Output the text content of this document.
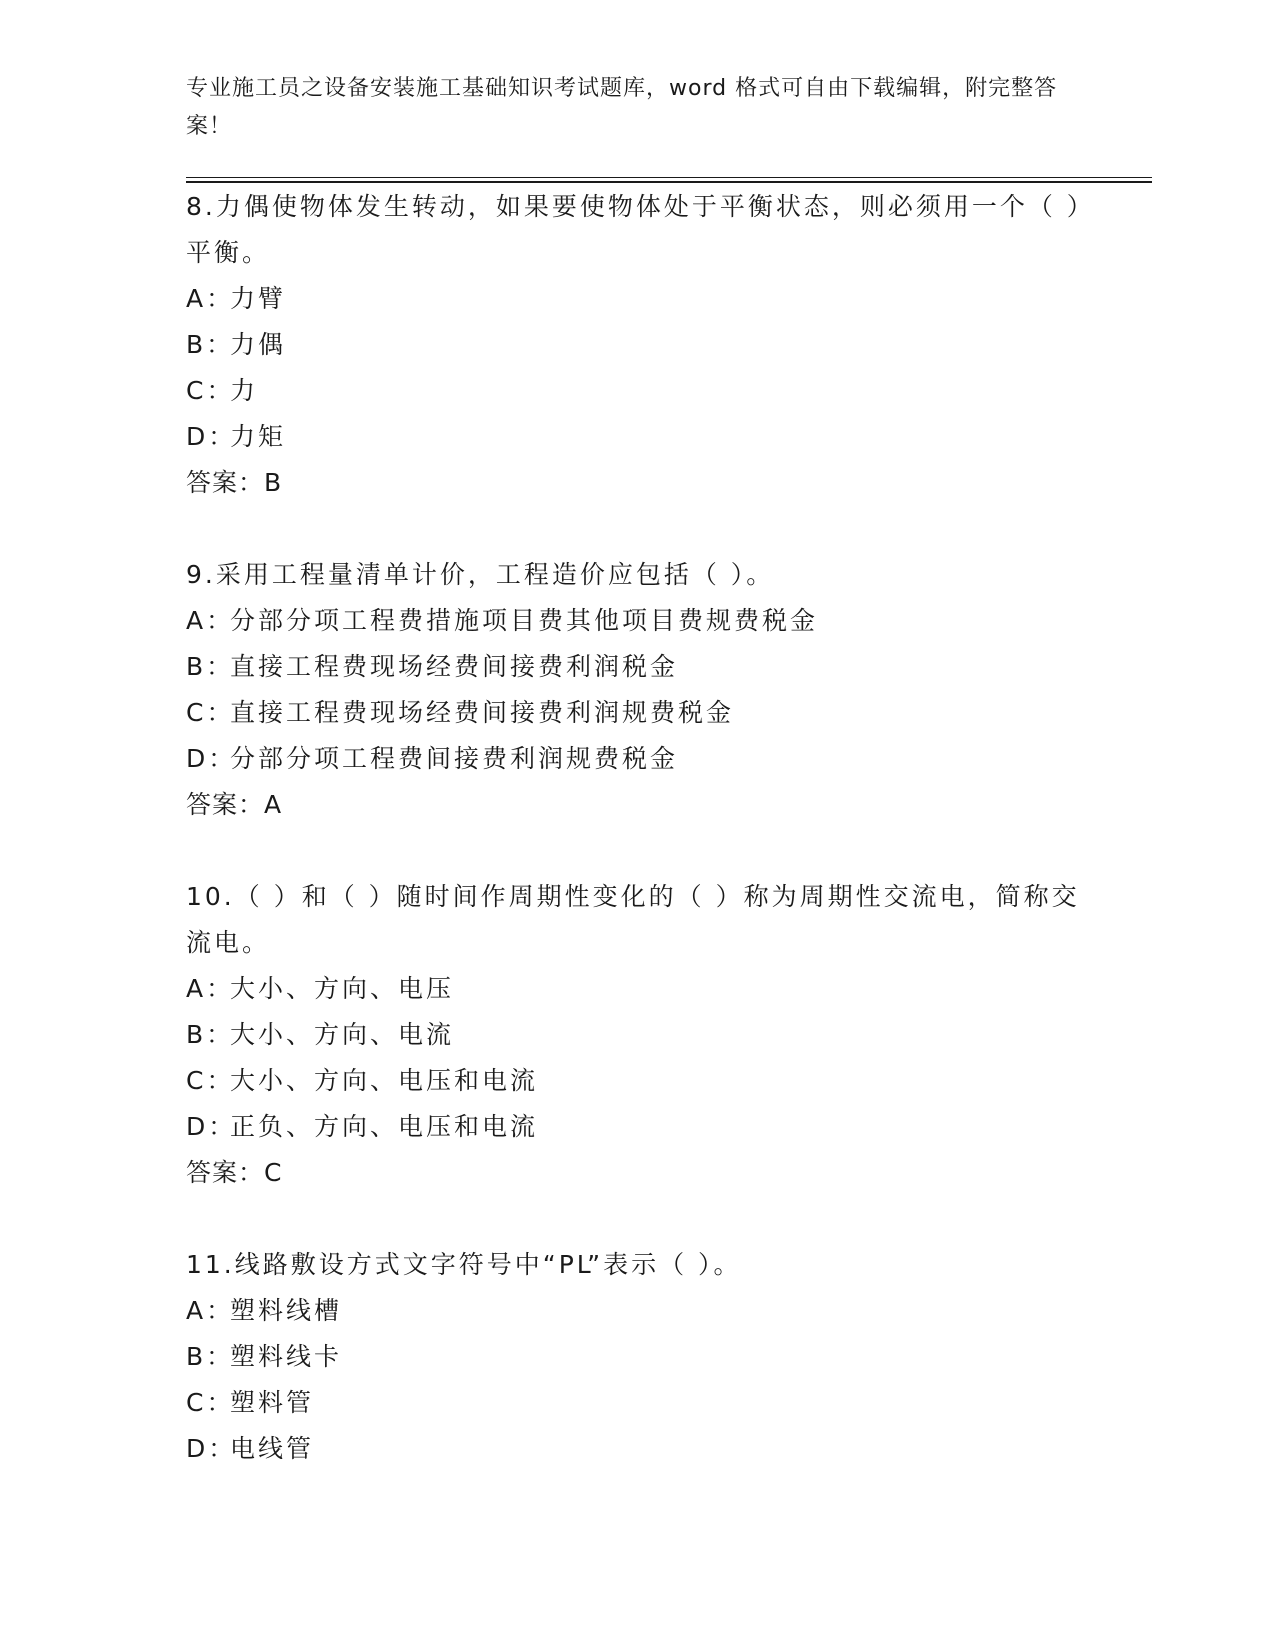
专业施工员之设备安装施工基础知识考试题库，word 格式可自由下载编辑，附完整答案！

8.力偶使物体发生转动，如果要使物体处于平衡状态，则必须用一个（ ）平衡。

A：力臂

B：力偶

C：力

D：力矩

答案：B

9.采用工程量清单计价，工程造价应包括（ ）。

A：分部分项工程费措施项目费其他项目费规费税金

B：直接工程费现场经费间接费利润税金

C：直接工程费现场经费间接费利润规费税金

D：分部分项工程费间接费利润规费税金

答案：A

10.（ ）和（ ）随时间作周期性变化的（ ）称为周期性交流电，简称交流电。

A：大小、方向、电压

B：大小、方向、电流

C：大小、方向、电压和电流

D：正负、方向、电压和电流

答案：C

11.线路敷设方式文字符号中“PL”表示（ ）。

A：塑料线槽

B：塑料线卡

C：塑料管

D：电线管
